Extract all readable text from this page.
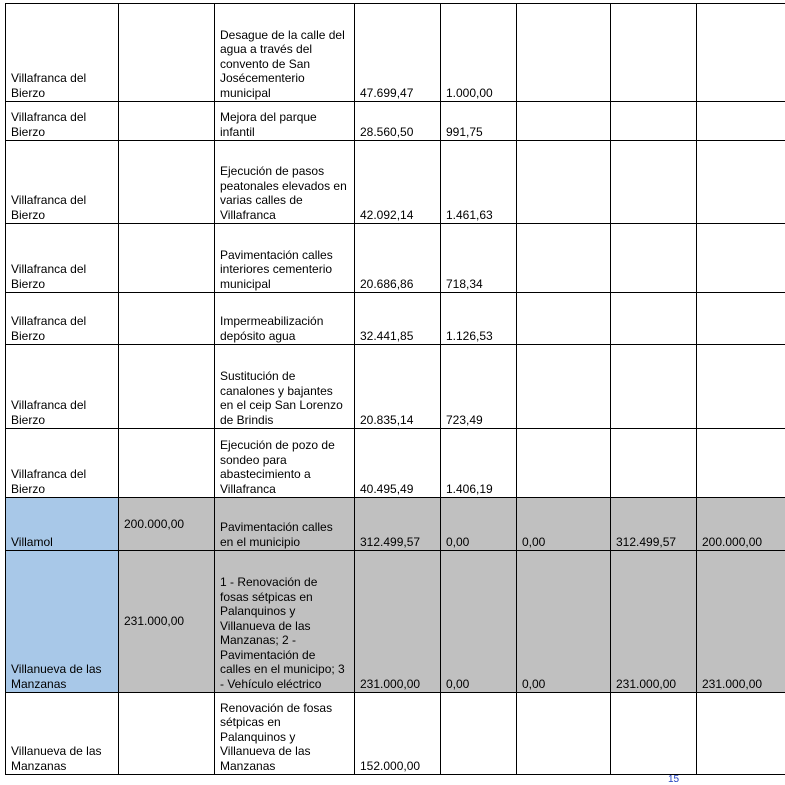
Villafranca del Bierzo		Desague de la calle del agua a través del convento de San Josécementerio municipal	47.699,47	1.000,00			
Villafranca del Bierzo		Mejora del parque infantil	28.560,50	991,75			
Villafranca del Bierzo		Ejecución de pasos peatonales elevados en varias calles de Villafranca	42.092,14	1.461,63			
Villafranca del Bierzo		Pavimentación calles interiores cementerio municipal	20.686,86	718,34			
Villafranca del Bierzo		Impermeabilización depósito agua	32.441,85	1.126,53			
Villafranca del Bierzo		Sustitución de canalones y bajantes en el ceip San Lorenzo de Brindis	20.835,14	723,49			
Villafranca del Bierzo		Ejecución de pozo de sondeo para abastecimiento a Villafranca	40.495,49	1.406,19			
Villamol	200.000,00	Pavimentación calles en el municipio	312.499,57	0,00	0,00	312.499,57	200.000,00
Villanueva de las Manzanas	231.000,00	1 - Renovación de fosas sétpicas en Palanquinos y Villanueva de las Manzanas; 2 - Pavimentación de calles en el municipo; 3 - Vehículo eléctrico	231.000,00	0,00	0,00	231.000,00	231.000,00
Villanueva de las Manzanas		Renovación de fosas sétpicas en Palanquinos y Villanueva de las Manzanas	152.000,00				
15
